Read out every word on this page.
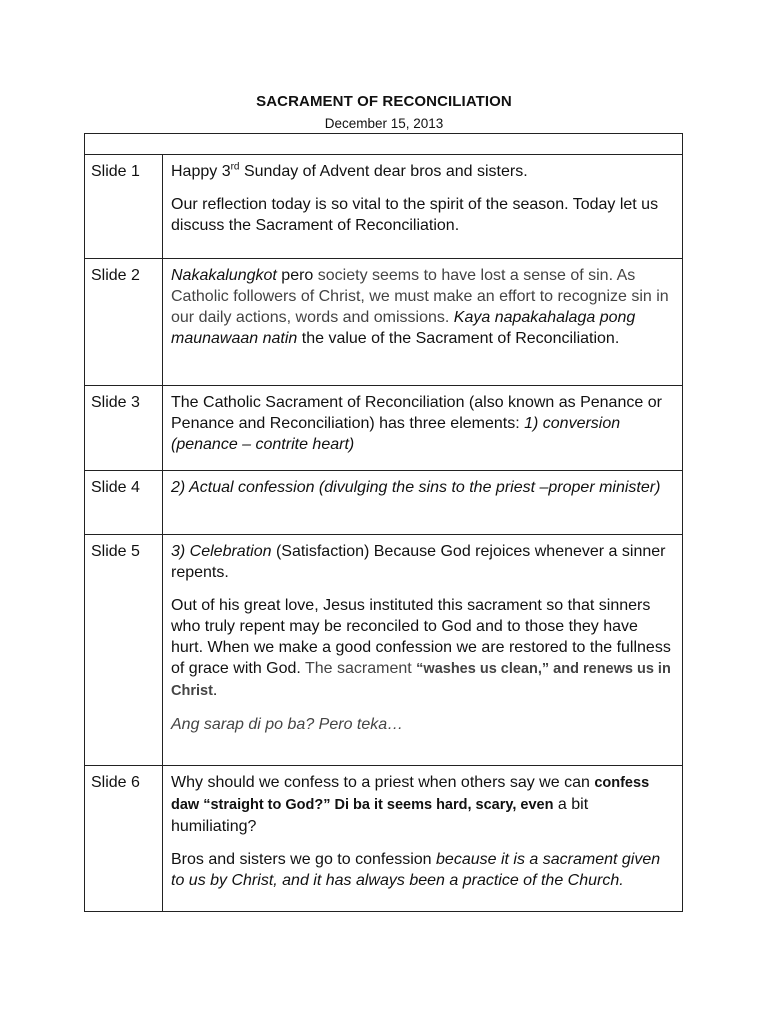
SACRAMENT OF RECONCILIATION
December 15, 2013
Slide 1	Happy 3rd Sunday of Advent dear bros and sisters.

Our reflection today is so vital to the spirit of the season. Today let us discuss the Sacrament of Reconciliation.

Slide 2	Nakakalungkot pero society seems to have lost a sense of sin. As Catholic followers of Christ, we must make an effort to recognize sin in our daily actions, words and omissions. Kaya napakahalaga pong maunawaan natin the value of the Sacrament of Reconciliation.

Slide 3	The Catholic Sacrament of Reconciliation (also known as Penance or Penance and Reconciliation) has three elements: 1) conversion (penance – contrite heart)

Slide 4	2) Actual confession (divulging the sins to the priest –proper minister)

Slide 5	3) Celebration (Satisfaction) Because God rejoices whenever a sinner repents.

Out of his great love, Jesus instituted this sacrament so that sinners who truly repent may be reconciled to God and to those they have hurt. When we make a good confession we are restored to the fullness of grace with God. The sacrament “washes us clean,” and renews us in Christ.

Ang sarap di po ba? Pero teka…

Slide 6	Why should we confess to a priest when others say we can confess daw “straight to God?” Di ba it seems hard, scary, even a bit humiliating?

Bros and sisters we go to confession because it is a sacrament given to us by Christ, and it has always been a practice of the Church.
